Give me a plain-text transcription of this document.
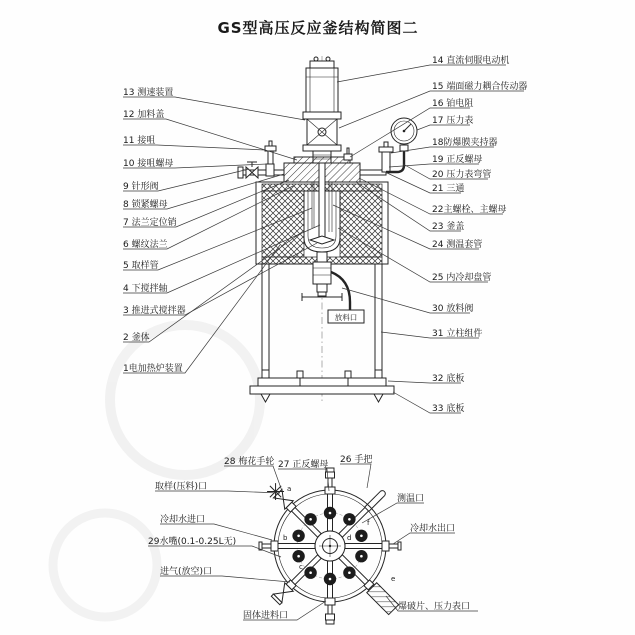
GS型高压反应釜结构简图二
放料口
13 测速装置
12 加料盖
11 接咀
10 接咀螺母
9 针形阀
8 锁紧螺母
7 法兰定位销
6 螺纹法兰
5 取样管
4 下搅拌轴
3 推进式搅拌器
2 釜体
1电加热炉装置
14 直流伺服电动机
15 端面磁力耦合传动器
16 铂电阻
17 压力表
18防爆膜夹持器
19 正反螺母
20 压力表弯管
21 三通
22主螺栓、主螺母
23 釜盖
24 测温套管
25 内冷却盘管
30 放料阀
31 立柱组件
32 底板
33 底板
a
b
c
d
e
f
28 梅花手轮 27 正反螺母 26 手把
取样(压料)口
测温口
冷却水进口
冷却水出口
29水嘴(0.1-0.25L无)
进气(放空)口
固体进料口
爆破片、压力表口
